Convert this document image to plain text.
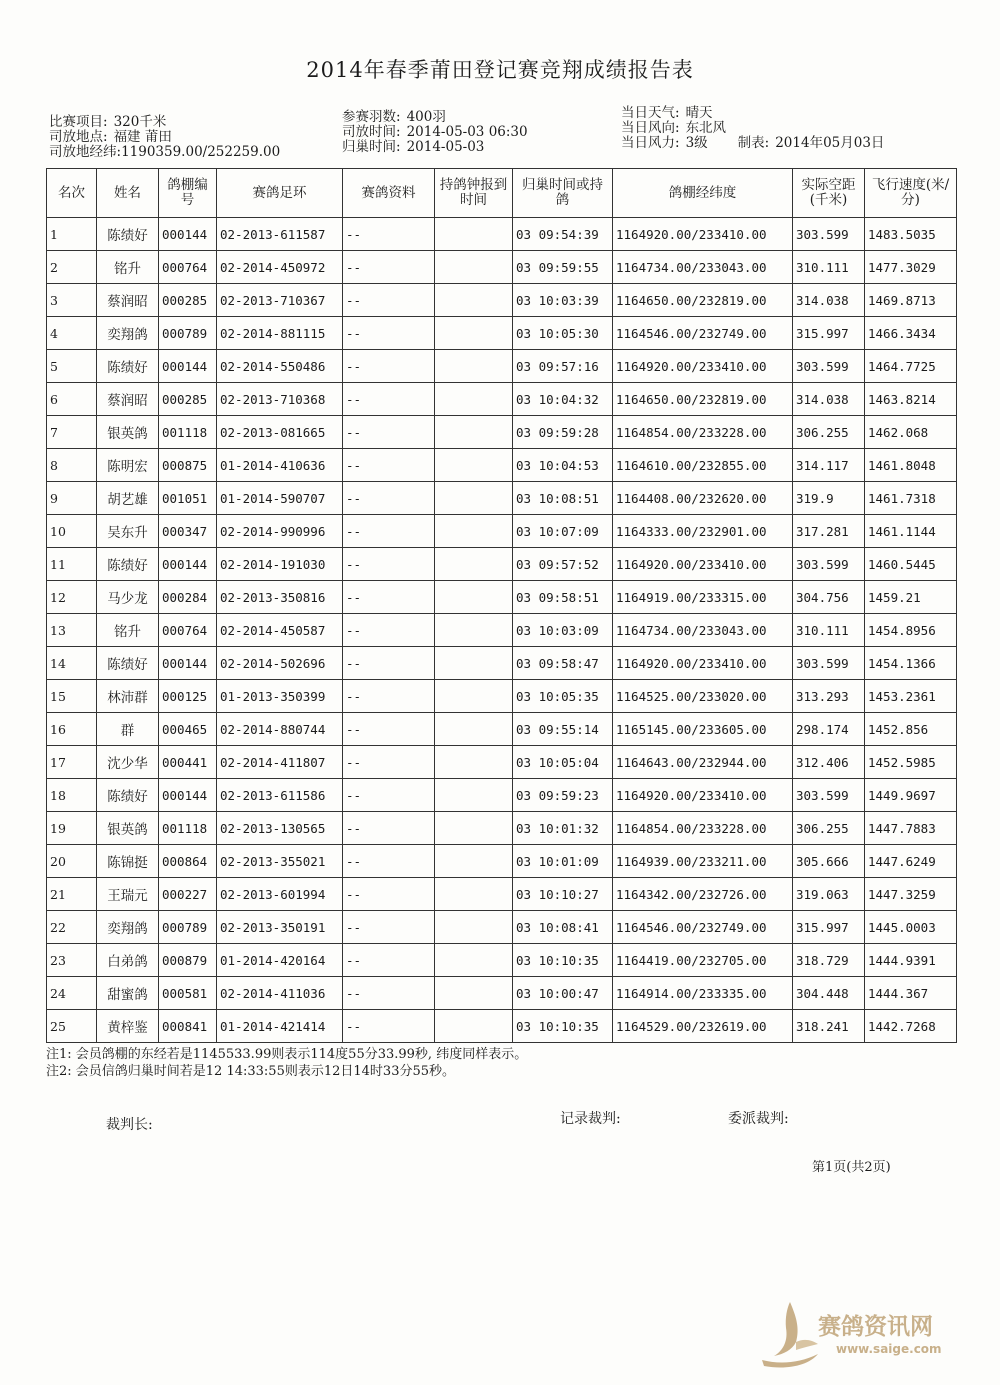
2014年春季莆田登记赛竞翔成绩报告表
比赛项目: 320千米
司放地点: 福建 莆田
司放地经纬: 1190359.00/252259.00
参赛羽数: 400羽
司放时间: 2014-05-03 06:30
归巢时间: 2014-05-03
当日天气: 晴天
当日风向: 东北风
当日风力: 3级 制表: 2014年05月03日
名次	姓名	鸽棚编号	赛鸽足环	赛鸽资料	持鸽钟报到时间	归巢时间或持鸽	鸽棚经纬度	实际空距(千米)	飞行速度(米/分)
1	陈绩好	000144	02-2013-611587	--		03 09:54:39	1164920.00/233410.00	303.599	1483.5035
2	铭升	000764	02-2014-450972	--		03 09:59:55	1164734.00/233043.00	310.111	1477.3029
3	蔡润昭	000285	02-2013-710367	--		03 10:03:39	1164650.00/232819.00	314.038	1469.8713
4	奕翔鸽	000789	02-2014-881115	--		03 10:05:30	1164546.00/232749.00	315.997	1466.3434
5	陈绩好	000144	02-2014-550486	--		03 09:57:16	1164920.00/233410.00	303.599	1464.7725
6	蔡润昭	000285	02-2013-710368	--		03 10:04:32	1164650.00/232819.00	314.038	1463.8214
7	银英鸽	001118	02-2013-081665	--		03 09:59:28	1164854.00/233228.00	306.255	1462.068
8	陈明宏	000875	01-2014-410636	--		03 10:04:53	1164610.00/232855.00	314.117	1461.8048
9	胡艺雄	001051	01-2014-590707	--		03 10:08:51	1164408.00/232620.00	319.9	1461.7318
10	吴东升	000347	02-2014-990996	--		03 10:07:09	1164333.00/232901.00	317.281	1461.1144
11	陈绩好	000144	02-2014-191030	--		03 09:57:52	1164920.00/233410.00	303.599	1460.5445
12	马少龙	000284	02-2013-350816	--		03 09:58:51	1164919.00/233315.00	304.756	1459.21
13	铭升	000764	02-2014-450587	--		03 10:03:09	1164734.00/233043.00	310.111	1454.8956
14	陈绩好	000144	02-2014-502696	--		03 09:58:47	1164920.00/233410.00	303.599	1454.1366
15	林沛群	000125	01-2013-350399	--		03 10:05:35	1164525.00/233020.00	313.293	1453.2361
16	群	000465	02-2014-880744	--		03 09:55:14	1165145.00/233605.00	298.174	1452.856
17	沈少华	000441	02-2014-411807	--		03 10:05:04	1164643.00/232944.00	312.406	1452.5985
18	陈绩好	000144	02-2013-611586	--		03 09:59:23	1164920.00/233410.00	303.599	1449.9697
19	银英鸽	001118	02-2013-130565	--		03 10:01:32	1164854.00/233228.00	306.255	1447.7883
20	陈锦挺	000864	02-2013-355021	--		03 10:01:09	1164939.00/233211.00	305.666	1447.6249
21	王瑞元	000227	02-2013-601994	--		03 10:10:27	1164342.00/232726.00	319.063	1447.3259
22	奕翔鸽	000789	02-2013-350191	--		03 10:08:41	1164546.00/232749.00	315.997	1445.0003
23	白弟鸽	000879	01-2014-420164	--		03 10:10:35	1164419.00/232705.00	318.729	1444.9391
24	甜蜜鸽	000581	02-2014-411036	--		03 10:00:47	1164914.00/233335.00	304.448	1444.367
25	黄梓鉴	000841	01-2014-421414	--		03 10:10:35	1164529.00/232619.00	318.241	1442.7268
注1: 会员鸽棚的东经若是1145533.99则表示114度55分33.99秒, 纬度同样表示。
注2: 会员信鸽归巢时间若是12 14:33:55则表示12日14时33分55秒。
裁判长:	记录裁判:	委派裁判:
第1页(共2页)
赛鸽资讯网
www.saige.com
